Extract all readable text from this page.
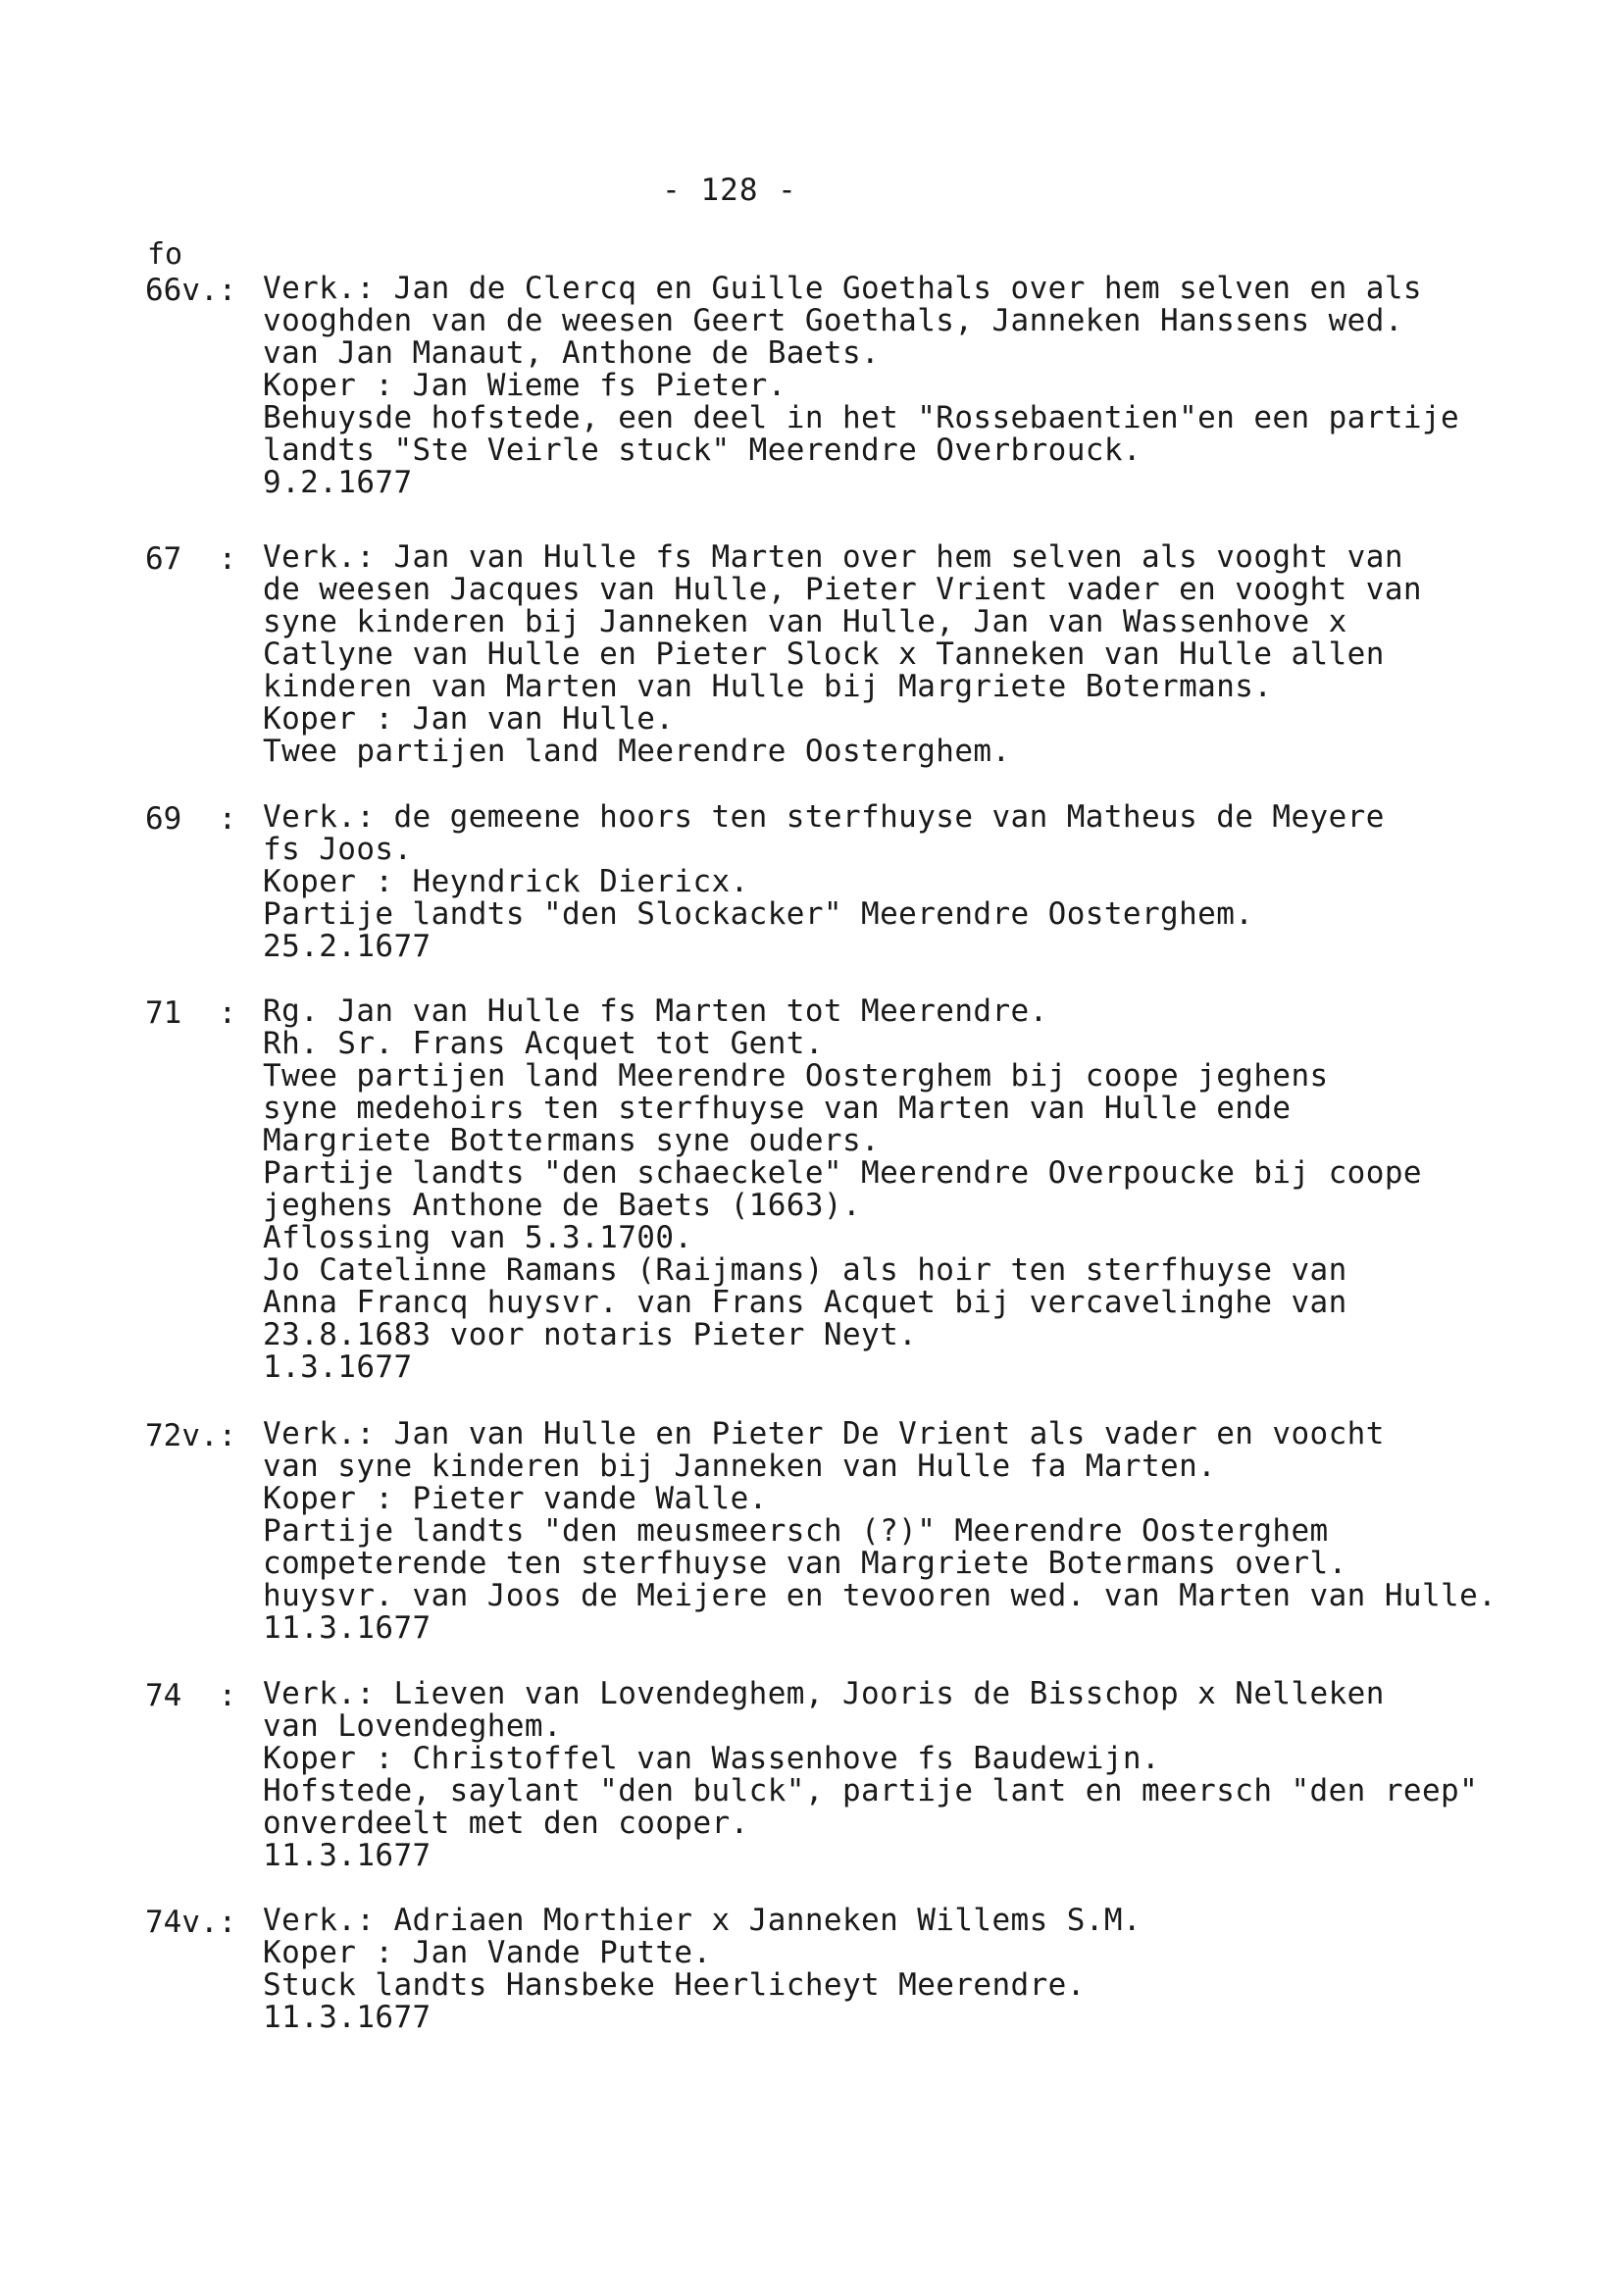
- 128 -
fo
66v.: Verk.: Jan de Clercq en Guille Goethals over hem selven en als
vooghden van de weesen Geert Goethals, Janneken Hanssens wed.
van Jan Manaut, Anthone de Baets.
Koper : Jan Wieme fs Pieter.
Behuysde hofstede, een deel in het "Rossebaentien"en een partije
landts "Ste Veirle stuck" Meerendre Overbrouck.
9.2.1677
67  : Verk.: Jan van Hulle fs Marten over hem selven als vooght van
de weesen Jacques van Hulle, Pieter Vrient vader en vooght van
syne kinderen bij Janneken van Hulle, Jan van Wassenhove x
Catlyne van Hulle en Pieter Slock x Tanneken van Hulle allen
kinderen van Marten van Hulle bij Margriete Botermans.
Koper : Jan van Hulle.
Twee partijen land Meerendre Oosterghem.
69  : Verk.: de gemeene hoors ten sterfhuyse van Matheus de Meyere
fs Joos.
Koper : Heyndrick Diericx.
Partije landts "den Slockacker" Meerendre Oosterghem.
25.2.1677
71  : Rg. Jan van Hulle fs Marten tot Meerendre.
Rh. Sr. Frans Acquet tot Gent.
Twee partijen land Meerendre Oosterghem bij coope jeghens
syne medehoirs ten sterfhuyse van Marten van Hulle ende
Margriete Bottermans syne ouders.
Partije landts "den schaeckele" Meerendre Overpoucke bij coope
jeghens Anthone de Baets (1663).
Aflossing van 5.3.1700.
Jo Catelinne Ramans (Raijmans) als hoir ten sterfhuyse van
Anna Francq huysvr. van Frans Acquet bij vercavelinghe van
23.8.1683 voor notaris Pieter Neyt.
1.3.1677
72v.: Verk.: Jan van Hulle en Pieter De Vrient als vader en voocht
van syne kinderen bij Janneken van Hulle fa Marten.
Koper : Pieter vande Walle.
Partije landts "den meusmeersch (?)" Meerendre Oosterghem
competerende ten sterfhuyse van Margriete Botermans overl.
huysvr. van Joos de Meijere en tevooren wed. van Marten van Hulle.
11.3.1677
74  : Verk.: Lieven van Lovendeghem, Jooris de Bisschop x Nelleken
van Lovendeghem.
Koper : Christoffel van Wassenhove fs Baudewijn.
Hofstede, saylant "den bulck", partije lant en meersch "den reep"
onverdeelt met den cooper.
11.3.1677
74v.: Verk.: Adriaen Morthier x Janneken Willems S.M.
Koper : Jan Vande Putte.
Stuck landts Hansbeke Heerlicheyt Meerendre.
11.3.1677
